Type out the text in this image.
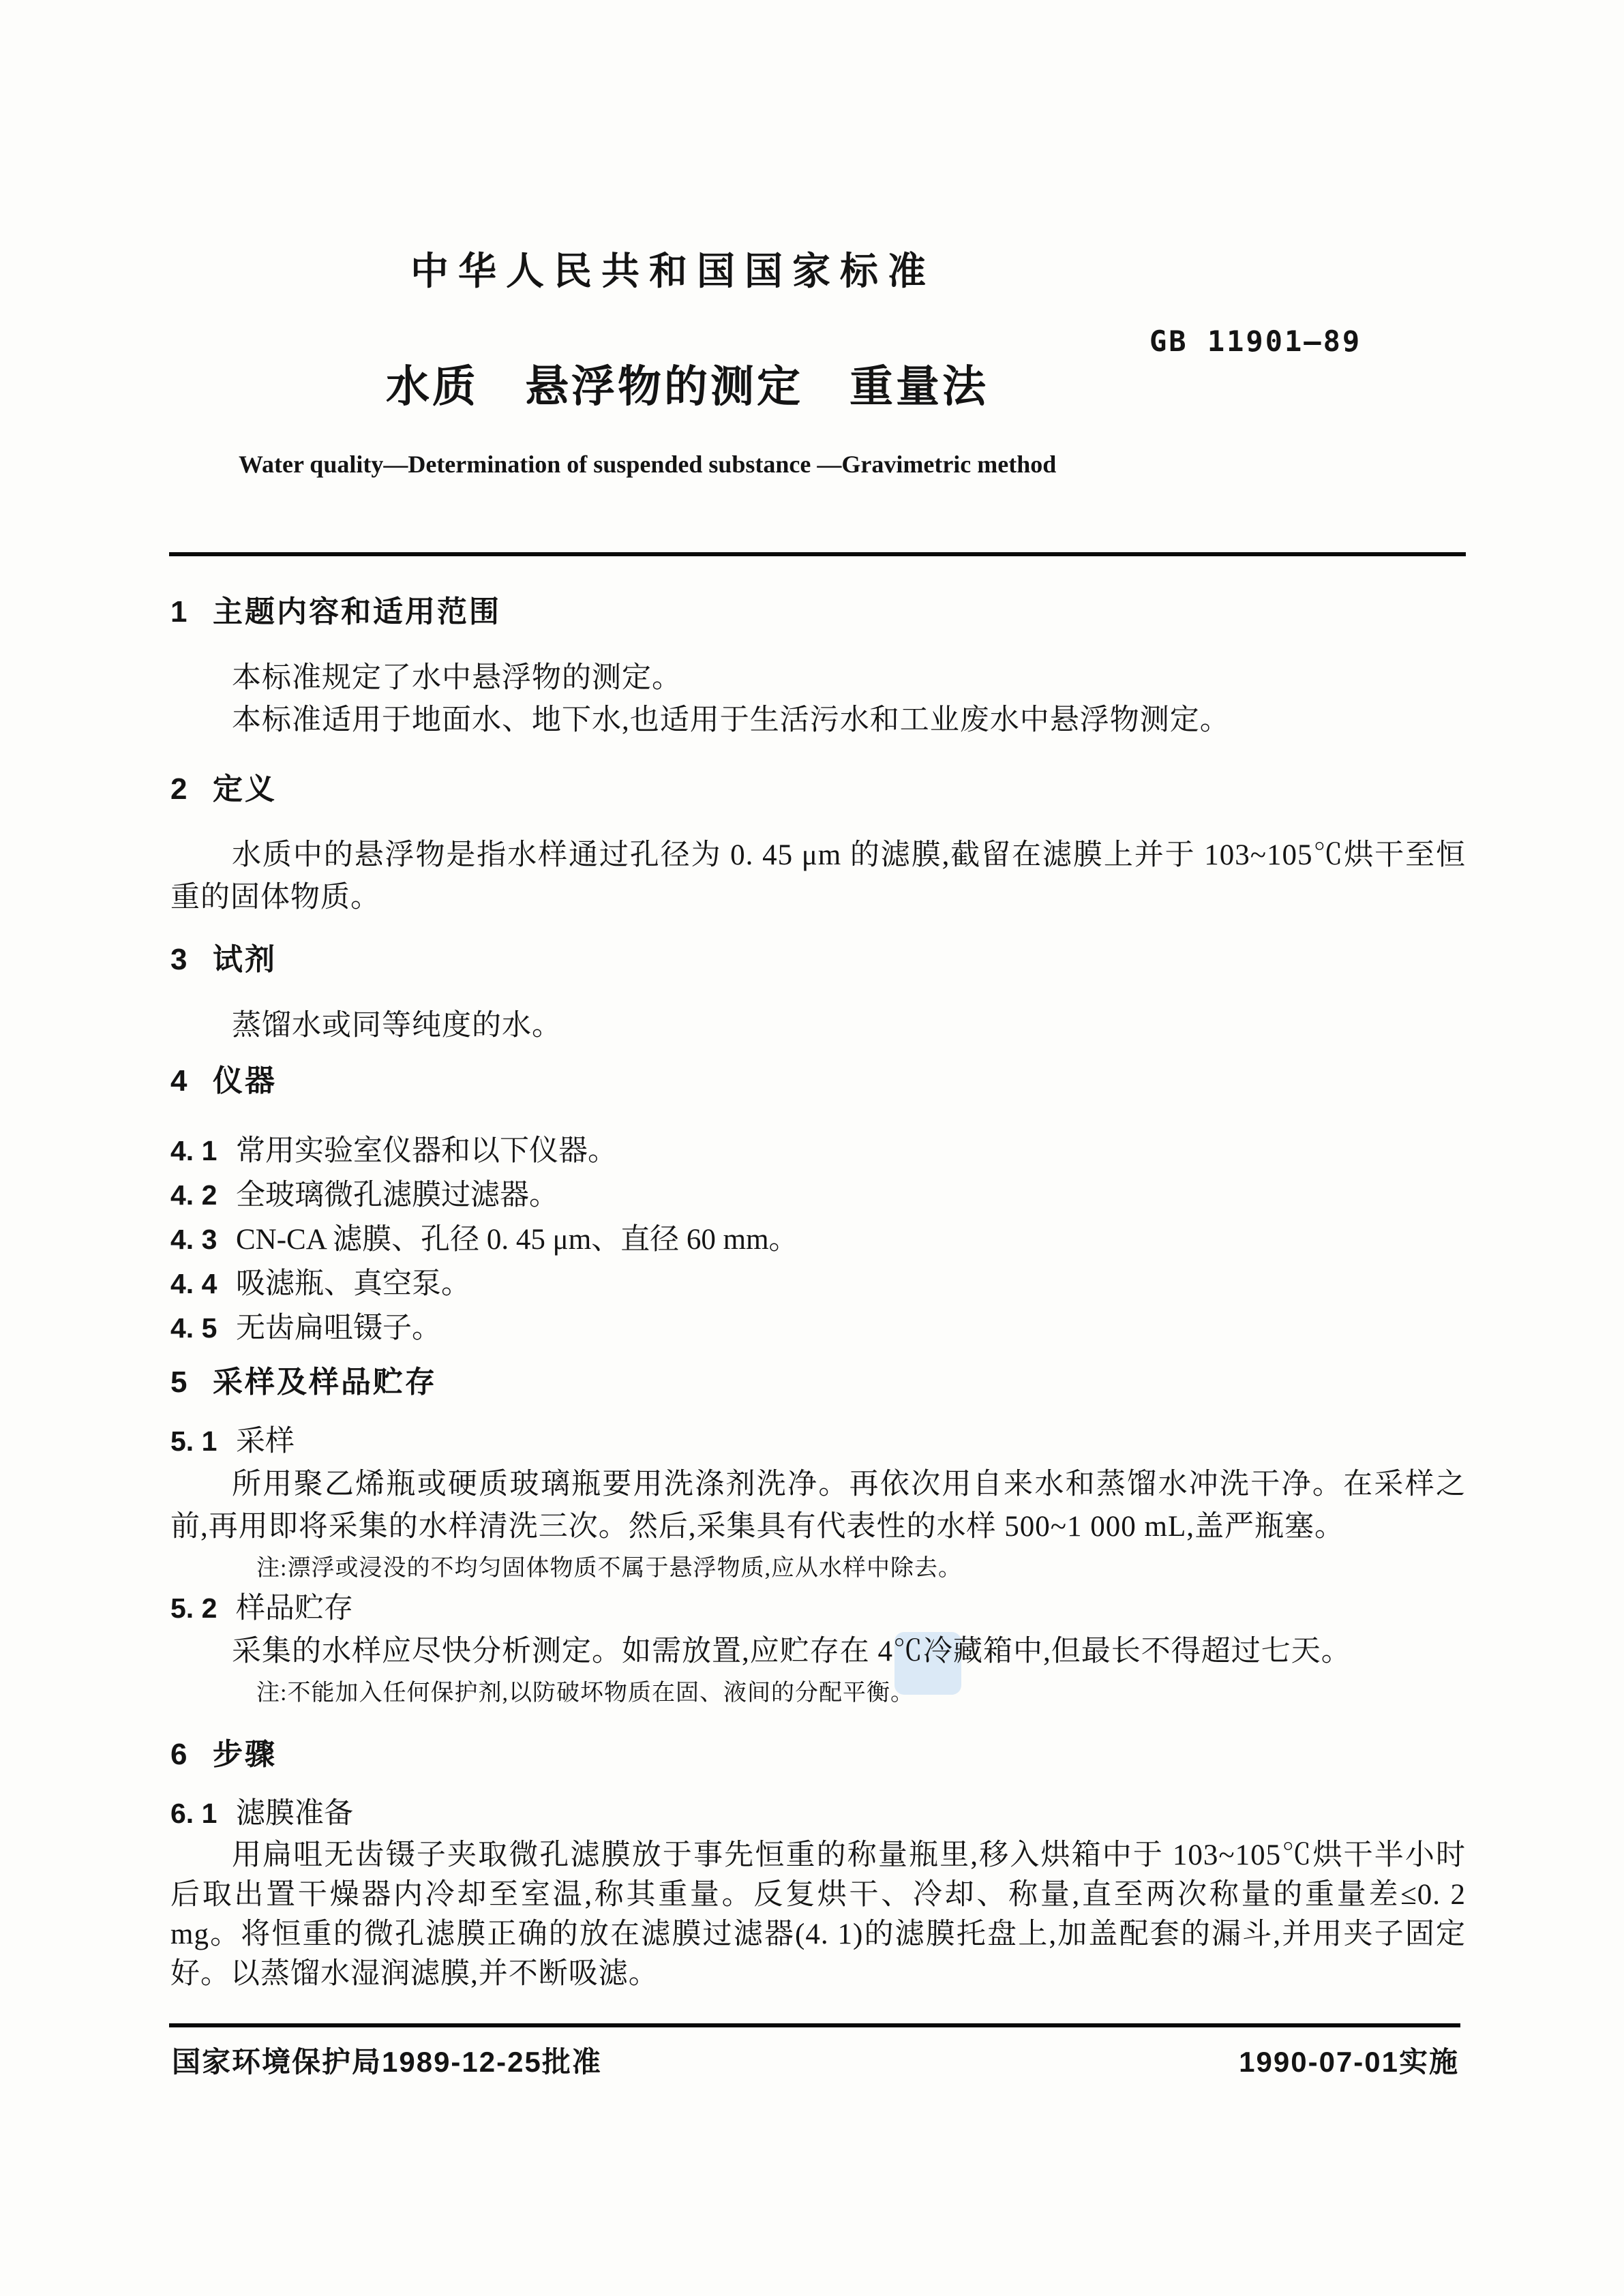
中华人民共和国国家标准
GB 11901—89
水质　悬浮物的测定　重量法
Water quality—Determination of suspended substance —Gravimetric method
1 主题内容和适用范围

本标准规定了水中悬浮物的测定。

本标准适用于地面水、地下水,也适用于生活污水和工业废水中悬浮物测定。

2 定义

水质中的悬浮物是指水样通过孔径为 0. 45 μm 的滤膜,截留在滤膜上并于 103~105℃烘干至恒重的固体物质。

3 试剂

蒸馏水或同等纯度的水。

4 仪器
4. 1 常用实验室仪器和以下仪器。
4. 2 全玻璃微孔滤膜过滤器。
4. 3 CN-CA 滤膜、孔径 0. 45 μm、直径 60 mm。
4. 4 吸滤瓶、真空泵。
4. 5 无齿扁咀镊子。
5 采样及样品贮存
5. 1 采样

所用聚乙烯瓶或硬质玻璃瓶要用洗涤剂洗净。再依次用自来水和蒸馏水冲洗干净。在采样之前,再用即将采集的水样清洗三次。然后,采集具有代表性的水样 500~1 000 mL,盖严瓶塞。

注:漂浮或浸没的不均匀固体物质不属于悬浮物质,应从水样中除去。

5. 2 样品贮存

采集的水样应尽快分析测定。如需放置,应贮存在 4℃冷藏箱中,但最长不得超过七天。

注:不能加入任何保护剂,以防破坏物质在固、液间的分配平衡。

6 步骤
6. 1 滤膜准备

用扁咀无齿镊子夹取微孔滤膜放于事先恒重的称量瓶里,移入烘箱中于 103~105℃烘干半小时后取出置干燥器内冷却至室温,称其重量。反复烘干、冷却、称量,直至两次称量的重量差≤0. 2 mg。将恒重的微孔滤膜正确的放在滤膜过滤器(4. 1)的滤膜托盘上,加盖配套的漏斗,并用夹子固定好。以蒸馏水湿润滤膜,并不断吸滤。

国家环境保护局1989-12-25批准	1990-07-01实施
